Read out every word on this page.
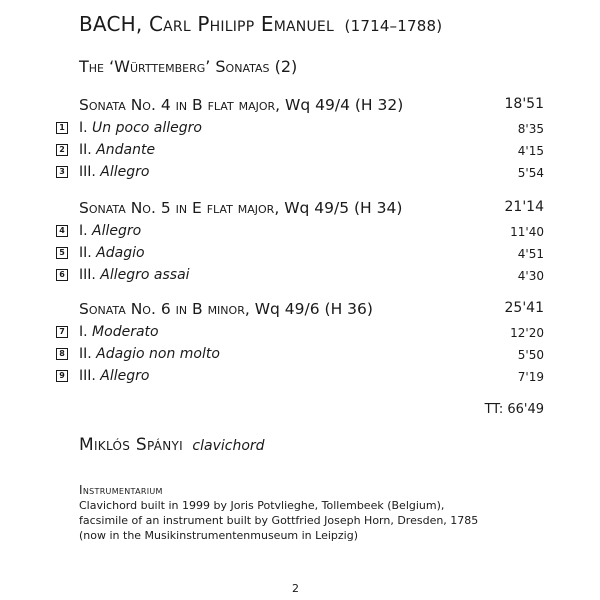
BACH, Carl Philipp Emanuel (1714–1788)
The ‘Württemberg’ Sonatas (2)
Sonata No. 4 in B flat major, Wq 49/4 (H 32)	18'51
1 I. Un poco allegro	8'35
2 II. Andante	4'15
3 III. Allegro	5'54
Sonata No. 5 in E flat major, Wq 49/5 (H 34)	21'14
4 I. Allegro	11'40
5 II. Adagio	4'51
6 III. Allegro assai	4'30
Sonata No. 6 in B minor, Wq 49/6 (H 36)	25'41
7 I. Moderato	12'20
8 II. Adagio non molto	5'50
9 III. Allegro	7'19
TT: 66'49
Miklós Spányi clavichord
Instrumentarium
Clavichord built in 1999 by Joris Potvlieghe, Tollembeek (Belgium),
facsimile of an instrument built by Gottfried Joseph Horn, Dresden, 1785
(now in the Musikinstrumentenmuseum in Leipzig)
2
